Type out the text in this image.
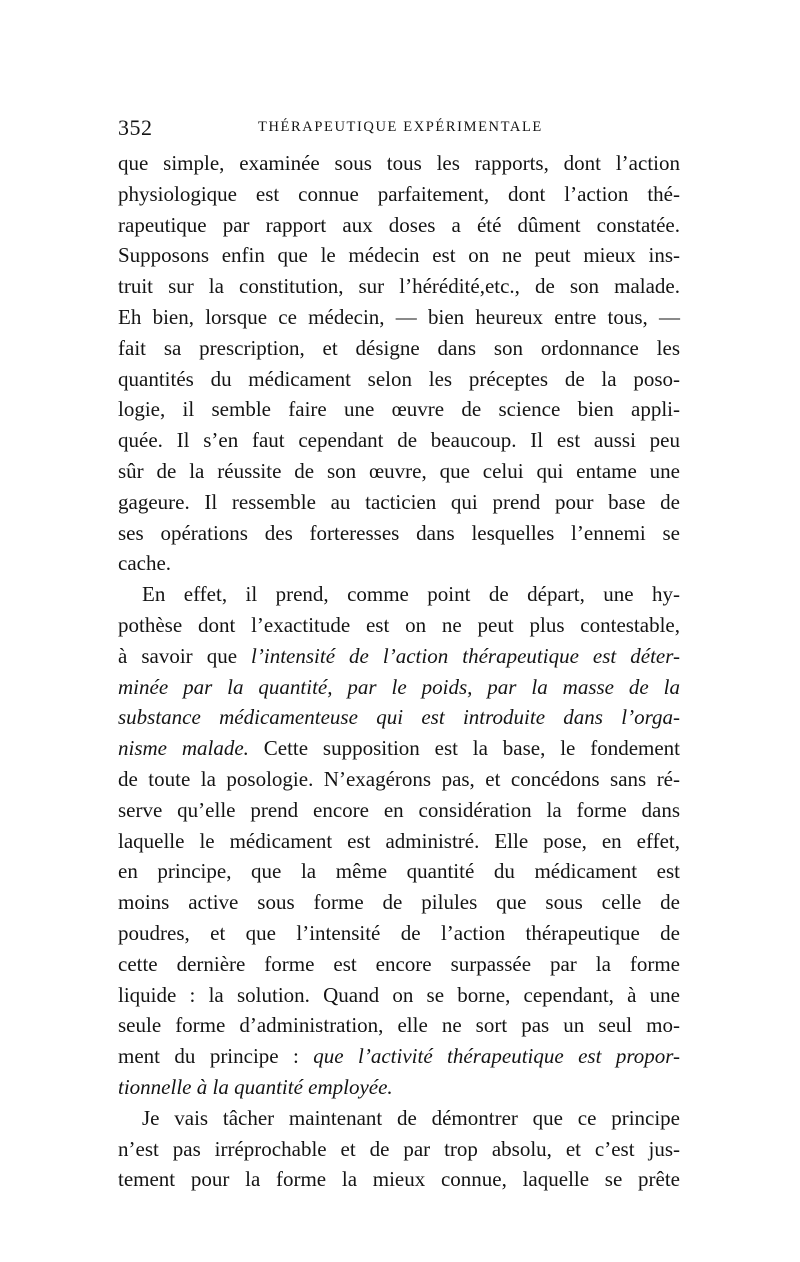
352	THÉRAPEUTIQUE EXPÉRIMENTALE
que simple, examinée sous tous les rapports, dont l’action
physiologique est connue parfaitement, dont l’action thé-
rapeutique par rapport aux doses a été dûment constatée.
Supposons enfin que le médecin est on ne peut mieux ins-
truit sur la constitution, sur l’hérédité,etc., de son malade.
Eh bien, lorsque ce médecin, — bien heureux entre tous, —
fait sa prescription, et désigne dans son ordonnance les
quantités du médicament selon les préceptes de la poso-
logie, il semble faire une œuvre de science bien appli-
quée. Il s’en faut cependant de beaucoup. Il est aussi peu
sûr de la réussite de son œuvre, que celui qui entame une
gageure. Il ressemble au tacticien qui prend pour base de
ses opérations des forteresses dans lesquelles l’ennemi se
cache.
En effet, il prend, comme point de départ, une hy-
pothèse dont l’exactitude est on ne peut plus contestable,
à savoir que l’intensité de l’action thérapeutique est déter-
minée par la quantité, par le poids, par la masse de la
substance médicamenteuse qui est introduite dans l’orga-
nisme malade. Cette supposition est la base, le fondement
de toute la posologie. N’exagérons pas, et concédons sans ré-
serve qu’elle prend encore en considération la forme dans
laquelle le médicament est administré. Elle pose, en effet,
en principe, que la même quantité du médicament est
moins active sous forme de pilules que sous celle de
poudres, et que l’intensité de l’action thérapeutique de
cette dernière forme est encore surpassée par la forme
liquide : la solution. Quand on se borne, cependant, à une
seule forme d’administration, elle ne sort pas un seul mo-
ment du principe : que l’activité thérapeutique est propor-
tionnelle à la quantité employée.
Je vais tâcher maintenant de démontrer que ce principe
n’est pas irréprochable et de par trop absolu, et c’est jus-
tement pour la forme la mieux connue, laquelle se prête
